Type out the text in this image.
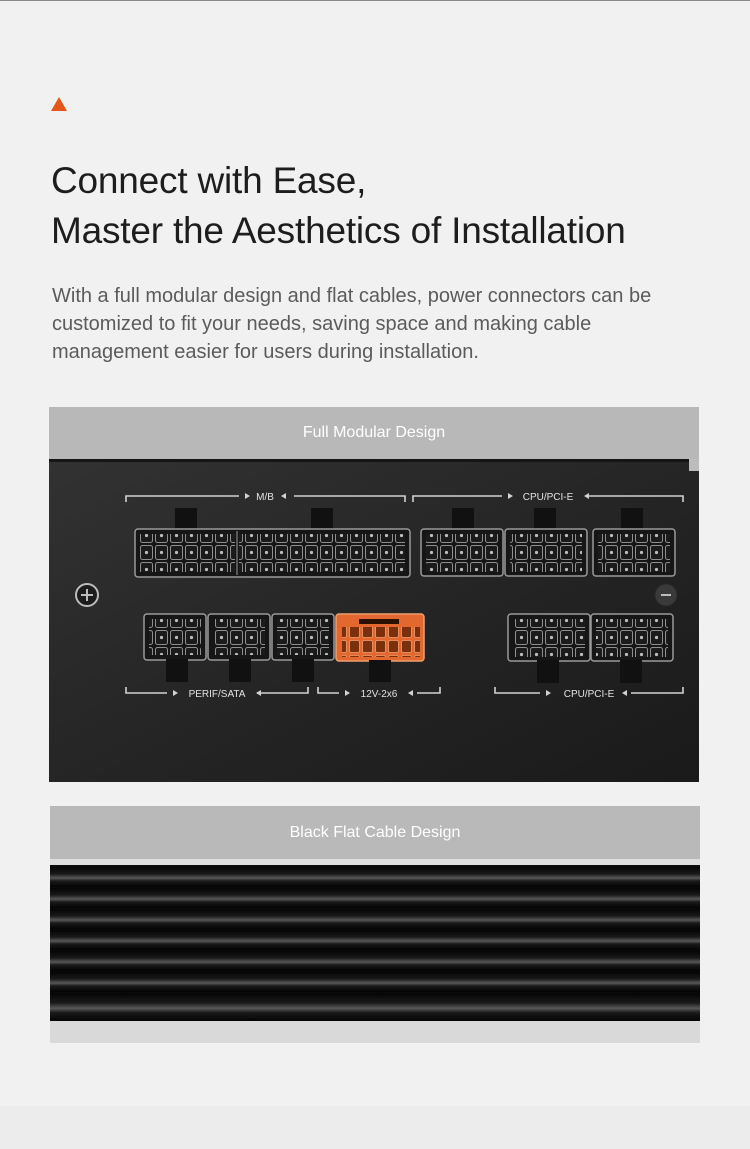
Connect with Ease,
Master the Aesthetics of Installation

With a full modular design and flat cables, power connectors can be customized to fit your needs, saving space and making cable management easier for users during installation.

Full Modular Design
M/B	CPU/PCI-E
PERIF/SATA	12V-2x6	CPU/PCI-E
Black Flat Cable Design
